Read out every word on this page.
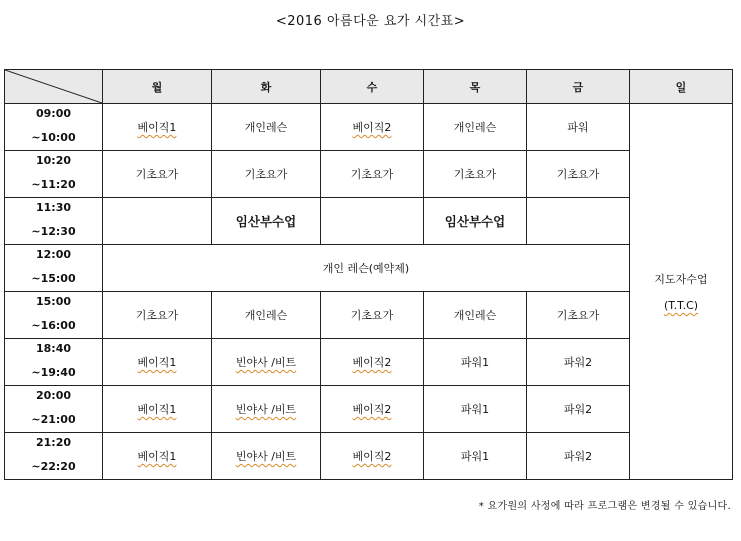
<2016 아름다운 요가 시간표>
	월	화	수	목	금	일

09:00
~10:00	베이직1	개인레슨	베이직2	개인레슨	파워	지도자수업
(T.T.C)

10:20
~11:20	기초요가	기초요가	기초요가	기초요가	기초요가	

11:30
~12:30		임산부수업		임산부수업		

12:00
~15:00	개인 레슨(예약제)					

15:00
~16:00	기초요가	개인레슨	기초요가	개인레슨	기초요가	

18:40
~19:40	베이직1	빈야사 /비트	베이직2	파워1	파워2	

20:00
~21:00	베이직1	빈야사 /비트	베이직2	파워1	파워2	

21:20
~22:20	베이직1	빈야사 /비트	베이직2	파워1	파워2	
* 요가원의 사정에 따라 프로그램은 변경될 수 있습니다.
